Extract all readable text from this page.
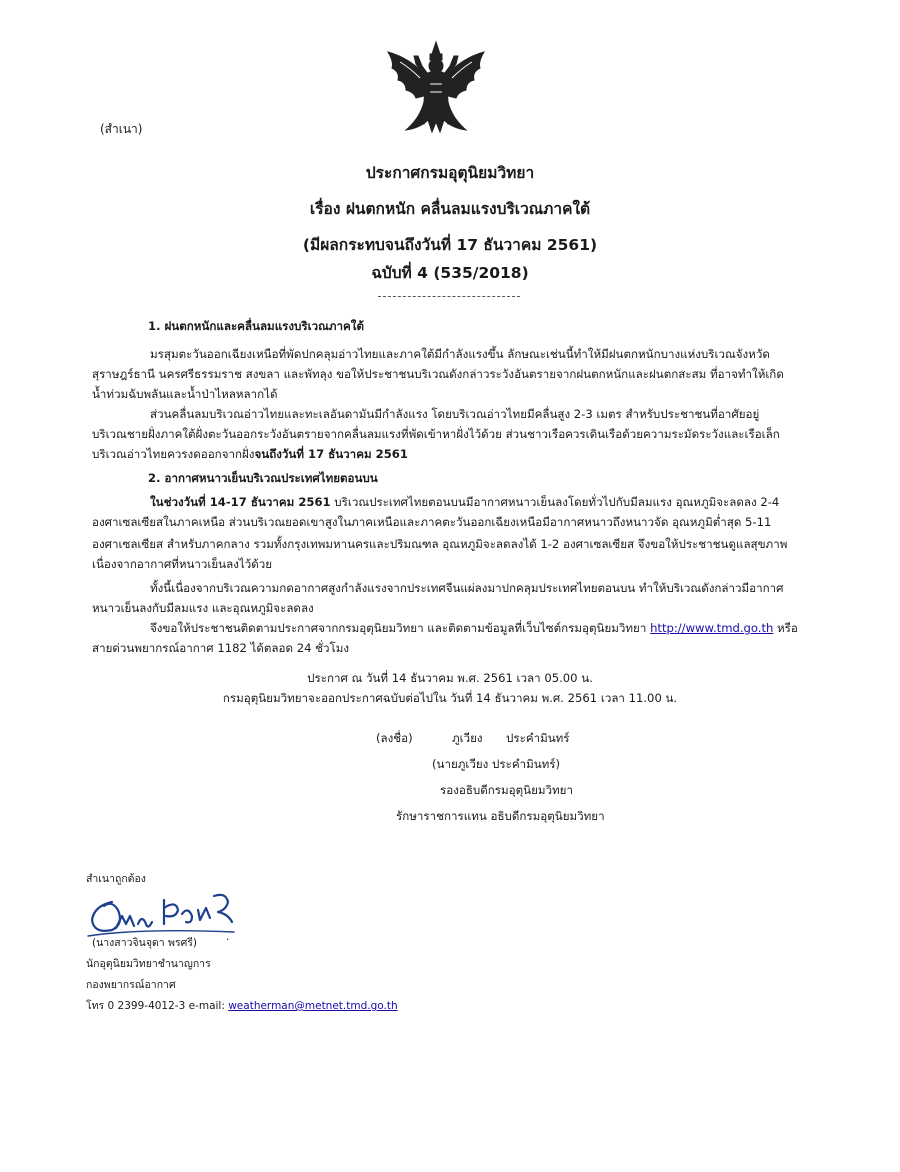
(สำเนา)
ประกาศกรมอุตุนิยมวิทยา
เรื่อง ฝนตกหนัก คลื่นลมแรงบริเวณภาคใต้
(มีผลกระทบจนถึงวันที่ 17 ธันวาคม 2561)
ฉบับที่ 4 (535/2018)
1. ฝนตกหนักและคลื่นลมแรงบริเวณภาคใต้
มรสุมตะวันออกเฉียงเหนือที่พัดปกคลุมอ่าวไทยและภาคใต้มีกำลังแรงขึ้น ลักษณะเช่นนี้ทำให้มีฝนตกหนักบางแห่งบริเวณจังหวัด
สุราษฎร์ธานี นครศรีธรรมราช สงขลา และพัทลุง ขอให้ประชาชนบริเวณดังกล่าวระวังอันตรายจากฝนตกหนักและฝนตกสะสม ที่อาจทำให้เกิด
น้ำท่วมฉับพลันและน้ำป่าไหลหลากได้
ส่วนคลื่นลมบริเวณอ่าวไทยและทะเลอันดามันมีกำลังแรง โดยบริเวณอ่าวไทยมีคลื่นสูง 2-3 เมตร สำหรับประชาชนที่อาศัยอยู่
บริเวณชายฝั่งภาคใต้ฝั่งตะวันออกระวังอันตรายจากคลื่นลมแรงที่พัดเข้าหาฝั่งไว้ด้วย ส่วนชาวเรือควรเดินเรือด้วยความระมัดระวังและเรือเล็ก
บริเวณอ่าวไทยควรงดออกจากฝั่งจนถึงวันที่ 17 ธันวาคม 2561
2. อากาศหนาวเย็นบริเวณประเทศไทยตอนบน
ในช่วงวันที่ 14-17 ธันวาคม 2561 บริเวณประเทศไทยตอนบนมีอากาศหนาวเย็นลงโดยทั่วไปกับมีลมแรง อุณหภูมิจะลดลง 2-4
องศาเซลเซียสในภาคเหนือ ส่วนบริเวณยอดเขาสูงในภาคเหนือและภาคตะวันออกเฉียงเหนือมีอากาศหนาวถึงหนาวจัด อุณหภูมิต่ำสุด 5-11
องศาเซลเซียส สำหรับภาคกลาง รวมทั้งกรุงเทพมหานครและปริมณฑล อุณหภูมิจะลดลงได้ 1-2 องศาเซลเซียส จึงขอให้ประชาชนดูแลสุขภาพ
เนื่องจากอากาศที่หนาวเย็นลงไว้ด้วย
ทั้งนี้เนื่องจากบริเวณความกดอากาศสูงกำลังแรงจากประเทศจีนแผ่ลงมาปกคลุมประเทศไทยตอนบน ทำให้บริเวณดังกล่าวมีอากาศ
หนาวเย็นลงกับมีลมแรง และอุณหภูมิจะลดลง
จึงขอให้ประชาชนติดตามประกาศจากกรมอุตุนิยมวิทยา และติดตามข้อมูลที่เว็บไซต์กรมอุตุนิยมวิทยา http://www.tmd.go.th หรือ
สายด่วนพยากรณ์อากาศ 1182 ได้ตลอด 24 ชั่วโมง
ประกาศ ณ วันที่ 14 ธันวาคม พ.ศ. 2561 เวลา 05.00 น.
กรมอุตุนิยมวิทยาจะออกประกาศฉบับต่อไปใน วันที่ 14 ธันวาคม พ.ศ. 2561 เวลา 11.00 น.
(ลงชื่อ)	ภูเวียง ประคำมินทร์
(นายภูเวียง ประคำมินทร์)
รองอธิบดีกรมอุตุนิยมวิทยา
รักษาราชการแทน อธิบดีกรมอุตุนิยมวิทยา
สำเนาถูกต้อง
(นางสาวจินจุดา พรศรี)	·
นักอุตุนิยมวิทยาชำนาญการ
กองพยากรณ์อากาศ
โทร 0 2399-4012-3 e-mail: weatherman@metnet.tmd.go.th
